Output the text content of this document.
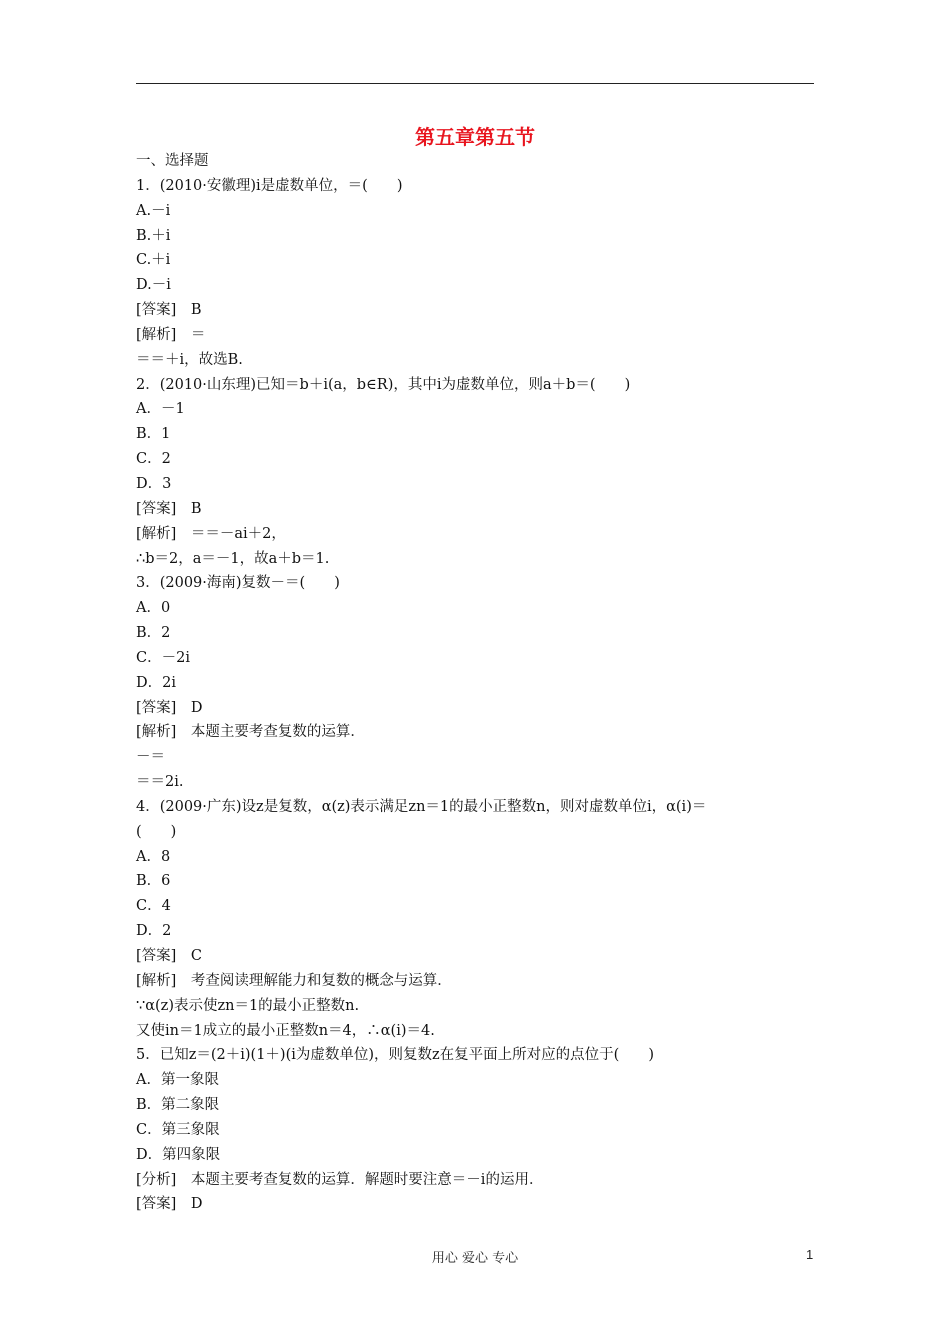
第五章第五节
一、选择题
1．(2010·安徽理)i是虚数单位，＝(　　)
A.－i
B.＋i
C.＋i
D.－i
[答案]　B
[解析]　＝
＝＝＋i，故选B.
2．(2010·山东理)已知＝b＋i(a，b∈R)，其中i为虚数单位，则a＋b＝(　　)
A．－1
B．1
C．2
D．3
[答案]　B
[解析]　＝＝－ai＋2，
∴b＝2，a＝－1，故a＋b＝1.
3．(2009·海南)复数－＝(　　)
A．0
B．2
C．－2i
D．2i
[答案]　D
[解析]　本题主要考查复数的运算．
－＝
＝＝2i.
4．(2009·广东)设z是复数，α(z)表示满足zn＝1的最小正整数n，则对虚数单位i，α(i)＝
(　　)
A．8
B．6
C．4
D．2
[答案]　C
[解析]　考查阅读理解能力和复数的概念与运算．
∵α(z)表示使zn＝1的最小正整数n.
又使in＝1成立的最小正整数n＝4，∴α(i)＝4.
5．已知z＝(2＋i)(1＋)(i为虚数单位)，则复数z在复平面上所对应的点位于(　　)
A．第一象限
B．第二象限
C．第三象限
D．第四象限
[分析]　本题主要考查复数的运算．解题时要注意＝－i的运用．
[答案]　D
用心 爱心 专心	1
